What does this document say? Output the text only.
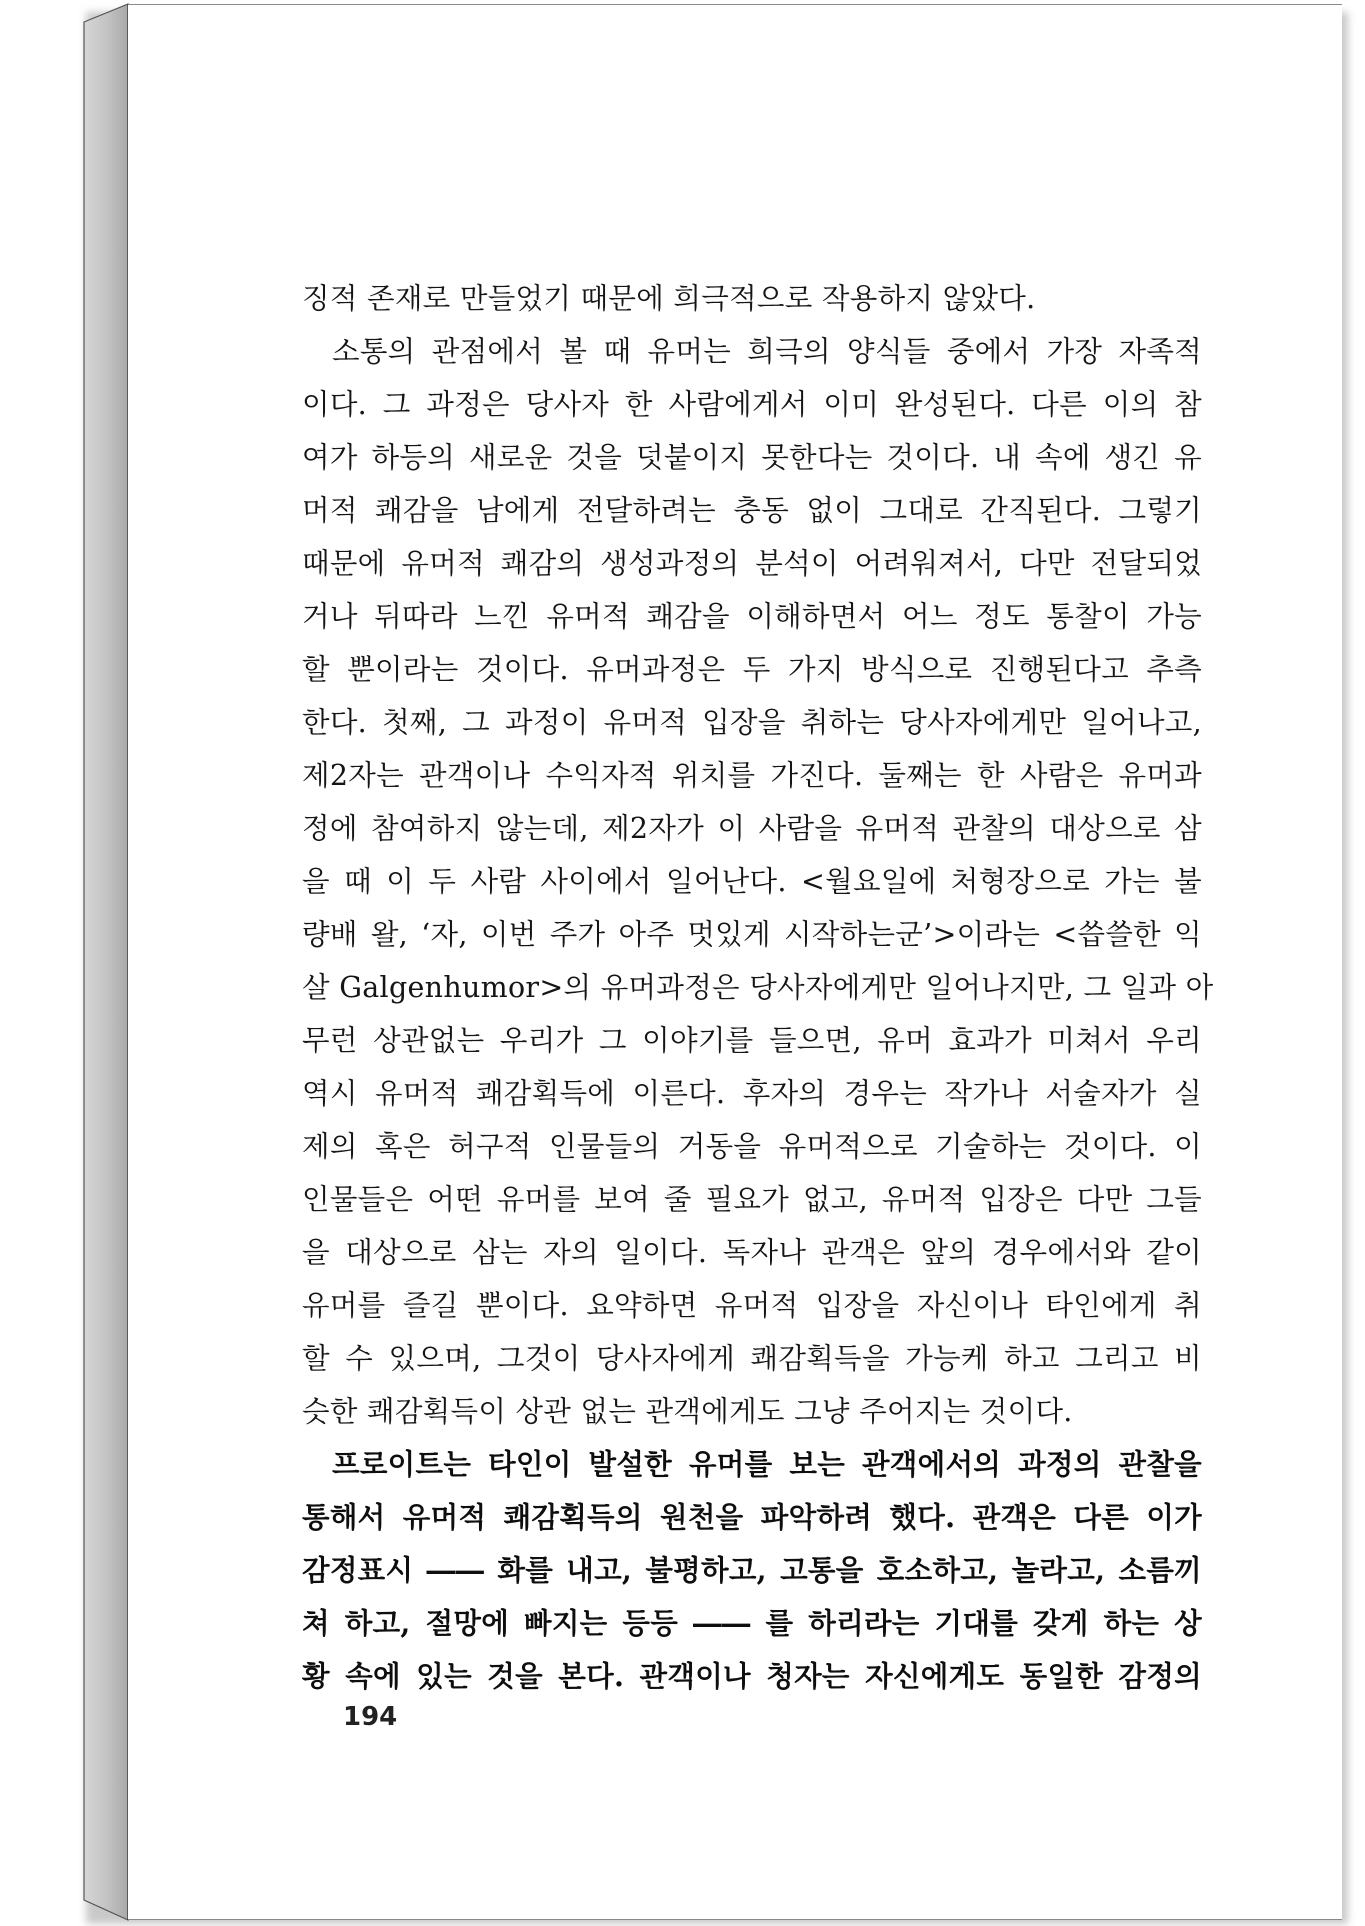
징적 존재로 만들었기 때문에 희극적으로 작용하지 않았다.
소통의 관점에서 볼 때 유머는 희극의 양식들 중에서 가장 자족적
이다. 그 과정은 당사자 한 사람에게서 이미 완성된다. 다른 이의 참
여가 하등의 새로운 것을 덧붙이지 못한다는 것이다. 내 속에 생긴 유
머적 쾌감을 남에게 전달하려는 충동 없이 그대로 간직된다. 그렇기
때문에 유머적 쾌감의 생성과정의 분석이 어려워져서, 다만 전달되었
거나 뒤따라 느낀 유머적 쾌감을 이해하면서 어느 정도 통찰이 가능
할 뿐이라는 것이다. 유머과정은 두 가지 방식으로 진행된다고 추측
한다. 첫째, 그 과정이 유머적 입장을 취하는 당사자에게만 일어나고,
제2자는 관객이나 수익자적 위치를 가진다. 둘째는 한 사람은 유머과
정에 참여하지 않는데, 제2자가 이 사람을 유머적 관찰의 대상으로 삼
을 때 이 두 사람 사이에서 일어난다. <월요일에 처형장으로 가는 불
량배 왈, ‘자, 이번 주가 아주 멋있게 시작하는군’>이라는 <씁쓸한 익
살 Galgenhumor>의 유머과정은 당사자에게만 일어나지만, 그 일과 아
무런 상관없는 우리가 그 이야기를 들으면, 유머 효과가 미쳐서 우리
역시 유머적 쾌감획득에 이른다. 후자의 경우는 작가나 서술자가 실
제의 혹은 허구적 인물들의 거동을 유머적으로 기술하는 것이다. 이
인물들은 어떤 유머를 보여 줄 필요가 없고, 유머적 입장은 다만 그들
을 대상으로 삼는 자의 일이다. 독자나 관객은 앞의 경우에서와 같이
유머를 즐길 뿐이다. 요약하면 유머적 입장을 자신이나 타인에게 취
할 수 있으며, 그것이 당사자에게 쾌감획득을 가능케 하고 그리고 비
슷한 쾌감획득이 상관 없는 관객에게도 그냥 주어지는 것이다.
프로이트는 타인이 발설한 유머를 보는 관객에서의 과정의 관찰을
통해서 유머적 쾌감획득의 원천을 파악하려 했다. 관객은 다른 이가
감정표시 ―― 화를 내고, 불평하고, 고통을 호소하고, 놀라고, 소름끼
쳐 하고, 절망에 빠지는 등등 ―― 를 하리라는 기대를 갖게 하는 상
황 속에 있는 것을 본다. 관객이나 청자는 자신에게도 동일한 감정의
194
